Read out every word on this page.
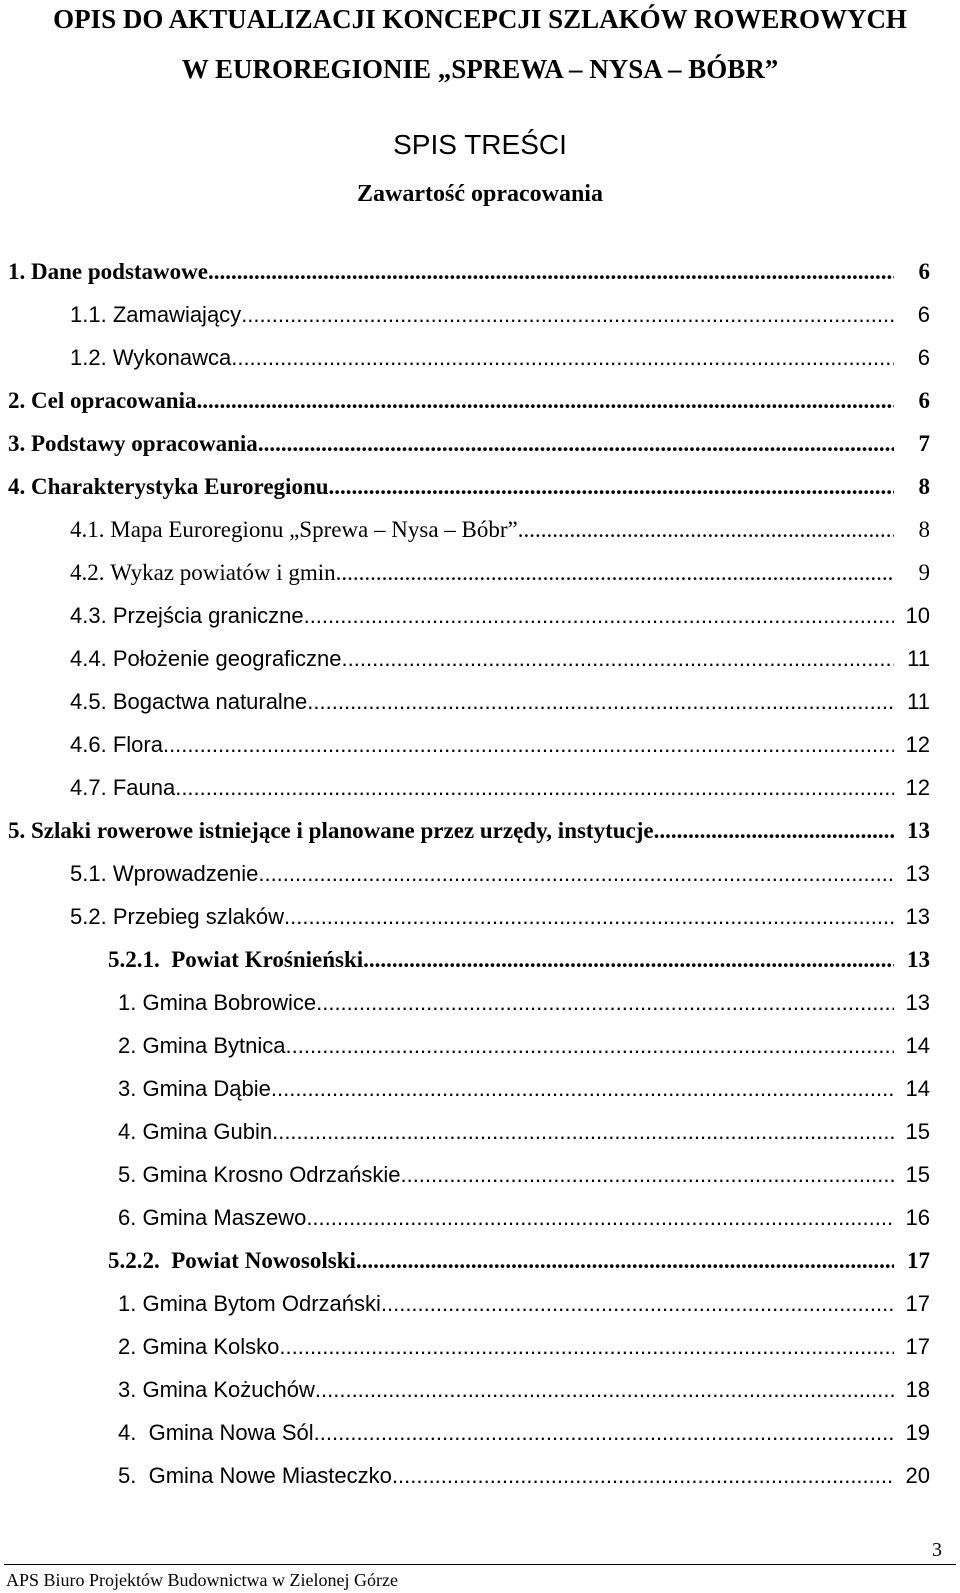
OPIS DO AKTUALIZACJI KONCEPCJI SZLAKÓW ROWEROWYCH
W EUROREGIONIE „SPREWA – NYSA – BÓBR”
SPIS TREŚCI
Zawartość opracowania
1. Dane podstawowe .....	6
1.1. Zamawiający .....	6
1.2. Wykonawca .....	6
2. Cel opracowania .....	6
3. Podstawy opracowania .....	7
4. Charakterystyka Euroregionu .....	8
4.1. Mapa Euroregionu „Sprewa – Nysa – Bóbr” .....	8
4.2. Wykaz powiatów i gmin .....	9
4.3. Przejścia graniczne .....	10
4.4. Położenie geograficzne .....	11
4.5. Bogactwa naturalne .....	11
4.6. Flora .....	12
4.7. Fauna .....	12
5. Szlaki rowerowe istniejące i planowane przez urzędy, instytucje .....	13
5.1. Wprowadzenie .....	13
5.2. Przebieg szlaków .....	13
5.2.1. Powiat Krośnieński .....	13
1. Gmina Bobrowice .....	13
2. Gmina Bytnica .....	14
3. Gmina Dąbie .....	14
4. Gmina Gubin .....	15
5. Gmina Krosno Odrzańskie .....	15
6. Gmina Maszewo .....	16
5.2.2. Powiat Nowosolski .....	17
1. Gmina Bytom Odrzański .....	17
2. Gmina Kolsko .....	17
3. Gmina Kożuchów .....	18
4. Gmina Nowa Sól .....	19
5. Gmina Nowe Miasteczko .....	20
3
APS Biuro Projektów Budownictwa w Zielonej Górze
